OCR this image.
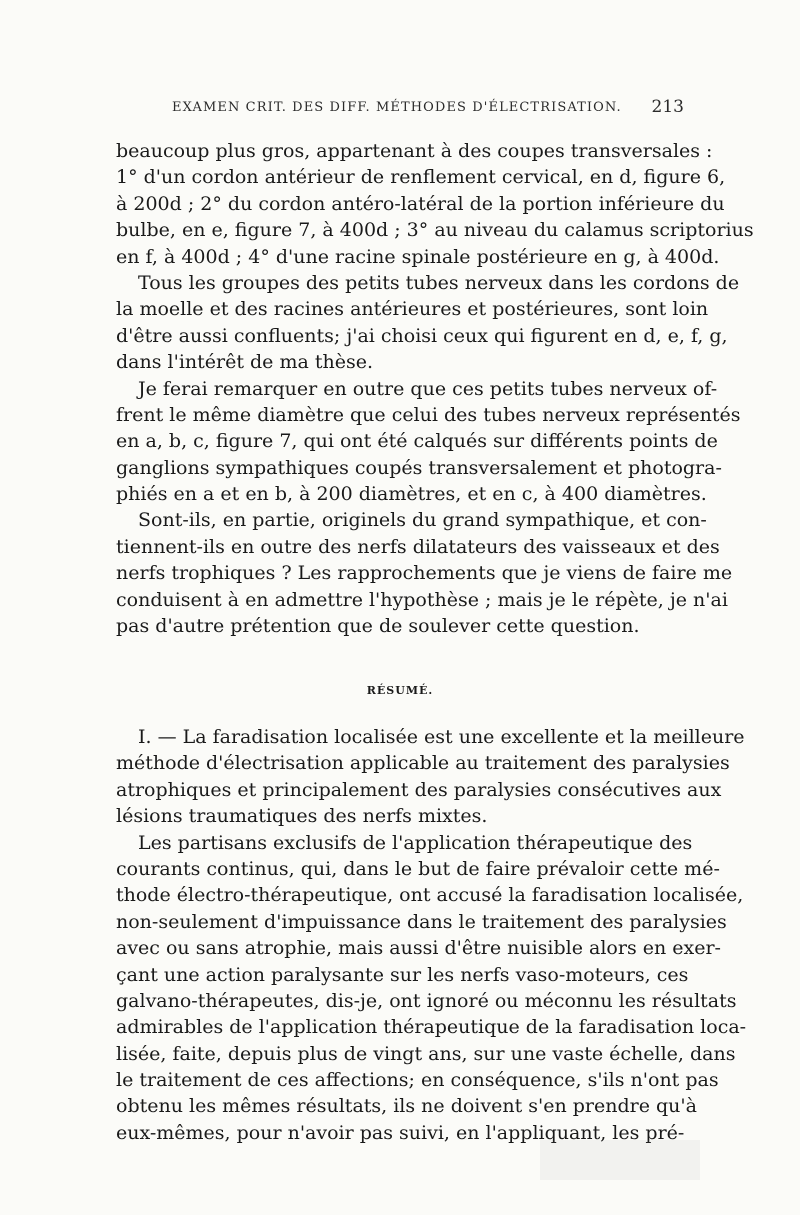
EXAMEN CRIT. DES DIFF. MÉTHODES D'ÉLECTRISATION. 213
beaucoup plus gros, appartenant à des coupes transversales :
1° d'un cordon antérieur de renflement cervical, en d, figure 6,
à 200d ; 2° du cordon antéro-latéral de la portion inférieure du
bulbe, en e, figure 7, à 400d ; 3° au niveau du calamus scriptorius
en f, à 400d ; 4° d'une racine spinale postérieure en g, à 400d.
Tous les groupes des petits tubes nerveux dans les cordons de
la moelle et des racines antérieures et postérieures, sont loin
d'être aussi confluents; j'ai choisi ceux qui figurent en d, e, f, g,
dans l'intérêt de ma thèse.
Je ferai remarquer en outre que ces petits tubes nerveux of-
frent le même diamètre que celui des tubes nerveux représentés
en a, b, c, figure 7, qui ont été calqués sur différents points de
ganglions sympathiques coupés transversalement et photogra-
phiés en a et en b, à 200 diamètres, et en c, à 400 diamètres.
Sont-ils, en partie, originels du grand sympathique, et con-
tiennent-ils en outre des nerfs dilatateurs des vaisseaux et des
nerfs trophiques ? Les rapprochements que je viens de faire me
conduisent à en admettre l'hypothèse ; mais je le répète, je n'ai
pas d'autre prétention que de soulever cette question.
RÉSUMÉ.
I. — La faradisation localisée est une excellente et la meilleure
méthode d'électrisation applicable au traitement des paralysies
atrophiques et principalement des paralysies consécutives aux
lésions traumatiques des nerfs mixtes.
Les partisans exclusifs de l'application thérapeutique des
courants continus, qui, dans le but de faire prévaloir cette mé-
thode électro-thérapeutique, ont accusé la faradisation localisée,
non-seulement d'impuissance dans le traitement des paralysies
avec ou sans atrophie, mais aussi d'être nuisible alors en exer-
çant une action paralysante sur les nerfs vaso-moteurs, ces
galvano-thérapeutes, dis-je, ont ignoré ou méconnu les résultats
admirables de l'application thérapeutique de la faradisation loca-
lisée, faite, depuis plus de vingt ans, sur une vaste échelle, dans
le traitement de ces affections; en conséquence, s'ils n'ont pas
obtenu les mêmes résultats, ils ne doivent s'en prendre qu'à
eux-mêmes, pour n'avoir pas suivi, en l'appliquant, les pré-
